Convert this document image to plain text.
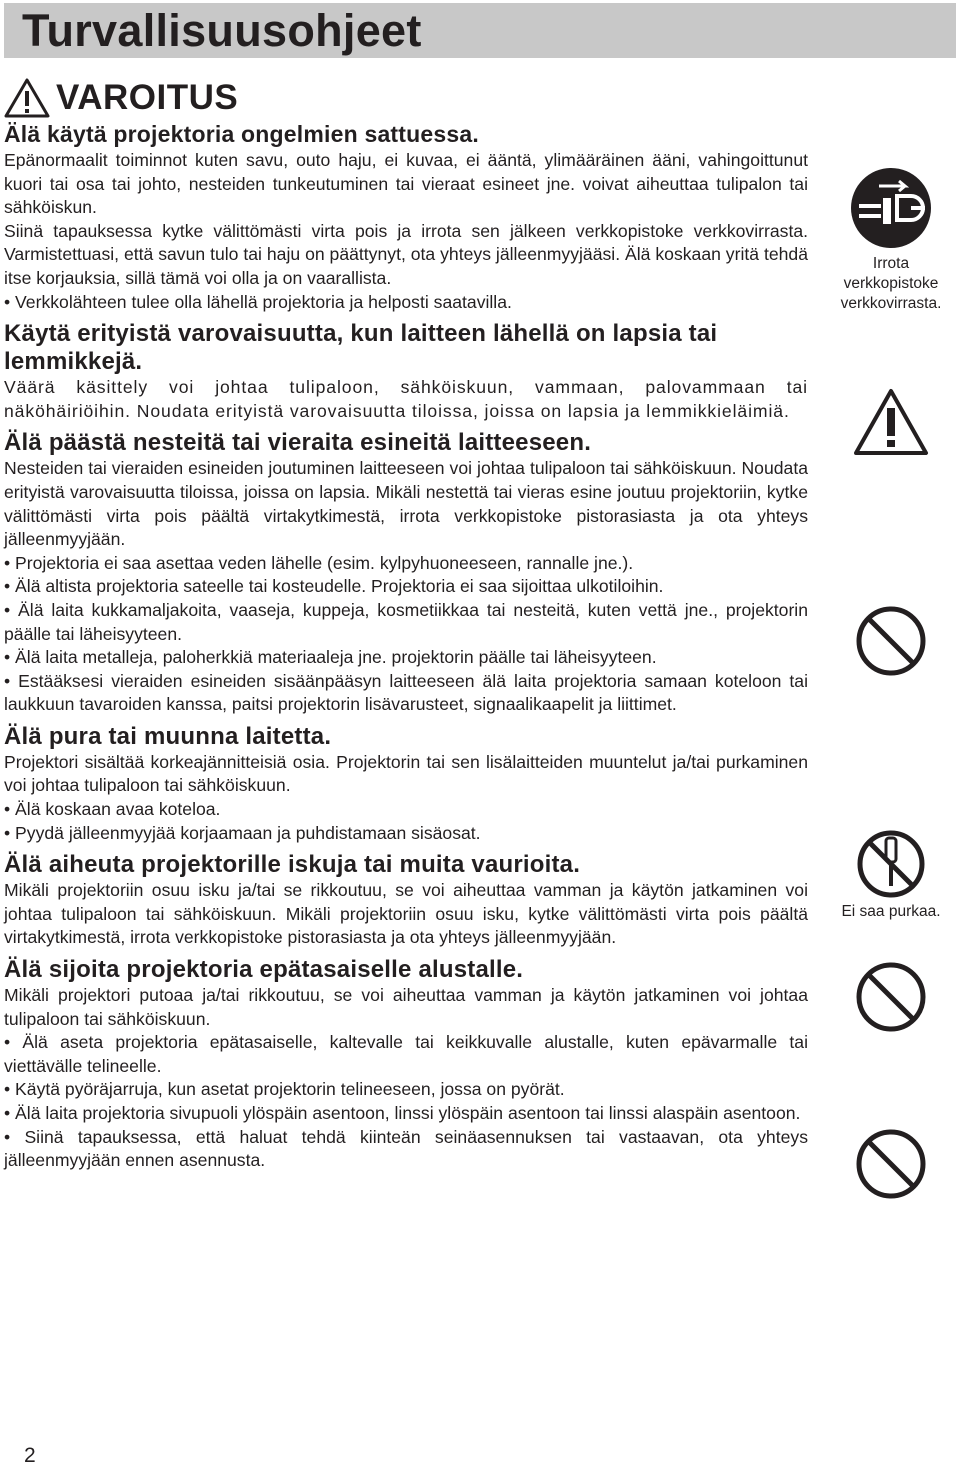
Turvallisuusohjeet
VAROITUS
Älä käytä projektoria ongelmien sattuessa.

Epänormaalit toiminnot kuten savu, outo haju, ei kuvaa, ei ääntä, ylimääräinen ääni, vahingoittunut kuori tai osa tai johto, nesteiden tunkeutuminen tai vieraat esineet jne. voivat aiheuttaa tulipalon tai sähköiskun.

Siinä tapauksessa kytke välittömästi virta pois ja irrota sen jälkeen verkkopistoke verkkovirrasta. Varmistettuasi, että savun tulo tai haju on päättynyt, ota yhteys jälleenmyyjääsi. Älä koskaan yritä tehdä itse korjauksia, sillä tämä voi olla ja on vaarallista.

• Verkkolähteen tulee olla lähellä projektoria ja helposti saatavilla.

Käytä erityistä varovaisuutta, kun laitteen lähellä on lapsia tai lemmikkejä.

Väärä käsittely voi johtaa tulipaloon, sähköiskuun, vammaan, palovammaan tai näköhäiriöihin. Noudata erityistä varovaisuutta tiloissa, joissa on lapsia ja lemmikkieläimiä.

Älä päästä nesteitä tai vieraita esineitä laitteeseen.

Nesteiden tai vieraiden esineiden joutuminen laitteeseen voi johtaa tulipaloon tai sähköiskuun. Noudata erityistä varovaisuutta tiloissa, joissa on lapsia. Mikäli nestettä tai vieras esine joutuu projektoriin, kytke välittömästi virta pois päältä virtakytkimestä, irrota verkkopistoke pistorasiasta ja ota yhteys jälleenmyyjään.

• Projektoria ei saa asettaa veden lähelle (esim. kylpyhuoneeseen, rannalle jne.).

• Älä altista projektoria sateelle tai kosteudelle. Projektoria ei saa sijoittaa ulkotiloihin.

• Älä laita kukkamaljakoita, vaaseja, kuppeja, kosmetiikkaa tai nesteitä, kuten vettä jne., projektorin päälle tai läheisyyteen.

• Älä laita metalleja, paloherkkiä materiaaleja jne. projektorin päälle tai läheisyyteen.

• Estääksesi vieraiden esineiden sisäänpääsyn laitteeseen älä laita projektoria samaan koteloon tai laukkuun tavaroiden kanssa, paitsi projektorin lisävarusteet, signaalikaapelit ja liittimet.

Älä pura tai muunna laitetta.

Projektori sisältää korkeajännitteisiä osia. Projektorin tai sen lisälaitteiden muuntelut ja/tai purkaminen voi johtaa tulipaloon tai sähköiskuun.

• Älä koskaan avaa koteloa.

• Pyydä jälleenmyyjää korjaamaan ja puhdistamaan sisäosat.

Älä aiheuta projektorille iskuja tai muita vaurioita.

Mikäli projektoriin osuu isku ja/tai se rikkoutuu, se voi aiheuttaa vamman ja käytön jatkaminen voi johtaa tulipaloon tai sähköiskuun. Mikäli projektoriin osuu isku, kytke välittömästi virta pois päältä virtakytkimestä, irrota verkkopistoke pistorasiasta ja ota yhteys jälleenmyyjään.

Älä sijoita projektoria epätasaiselle alustalle.

Mikäli projektori putoaa ja/tai rikkoutuu, se voi aiheuttaa vamman ja käytön jatkaminen voi johtaa tulipaloon tai sähköiskuun.

• Älä aseta projektoria epätasaiselle, kaltevalle tai keikkuvalle alustalle, kuten epävarmalle tai viettävälle telineelle.

• Käytä pyöräjarruja, kun asetat projektorin telineeseen, jossa on pyörät.

• Älä laita projektoria sivupuoli ylöspäin asentoon, linssi ylöspäin asentoon tai linssi alaspäin asentoon.

• Siinä tapauksessa, että haluat tehdä kiinteän seinäasennuksen tai vastaavan, ota yhteys jälleenmyyjään ennen asennusta.

Irrota verkkopistoke verkkovirrasta.
Ei saa purkaa.
2
